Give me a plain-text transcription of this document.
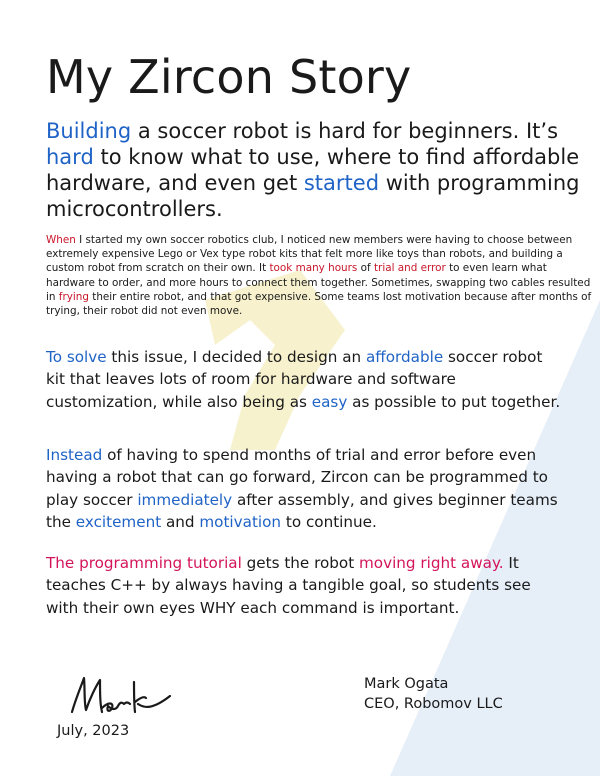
My Zircon Story

Building a soccer robot is hard for beginners. It’s hard to know what to use, where to find affordable hardware, and even get started with programming microcontrollers.

When I started my own soccer robotics club, I noticed new members were having to choose between extremely expensive Lego or Vex type robot kits that felt more like toys than robots, and building a custom robot from scratch on their own. It took many hours of trial and error to even learn what hardware to order, and more hours to connect them together. Sometimes, swapping two cables resulted in frying their entire robot, and that got expensive. Some teams lost motivation because after months of trying, their robot did not even move.

To solve this issue, I decided to design an affordable soccer robot kit that leaves lots of room for hardware and software customization, while also being as easy as possible to put together.

Instead of having to spend months of trial and error before even having a robot that can go forward, Zircon can be programmed to play soccer immediately after assembly, and gives beginner teams the excitement and motivation to continue.

The programming tutorial gets the robot moving right away. It teaches C++ by always having a tangible goal, so students see with their own eyes WHY each command is important.

Mark Ogata

CEO, Robomov LLC

July, 2023
